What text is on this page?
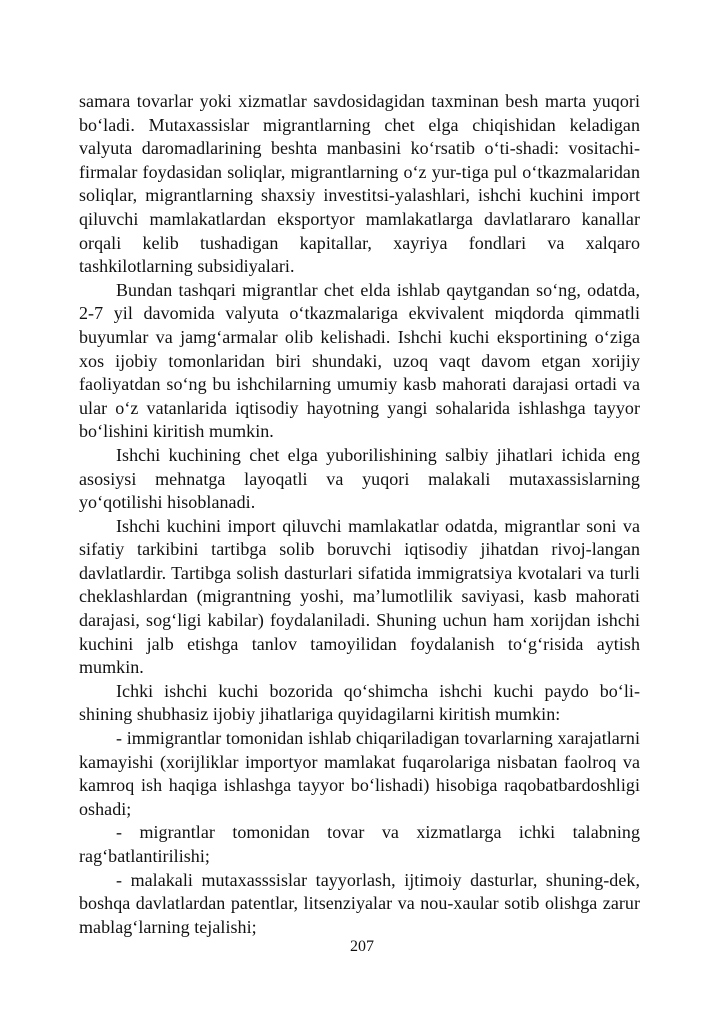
samara tovarlar yoki xizmatlar savdosidagidan taxminan besh marta yuqori bo‘ladi. Mutaxassislar migrantlarning chet elga chiqishidan keladigan valyuta daromadlarining beshta manbasini ko‘rsatib o‘ti-shadi: vositachi-firmalar foydasidan soliqlar, migrantlarning o‘z yur-tiga pul o‘tkazmalaridan soliqlar, migrantlarning shaxsiy investitsi-yalashlari, ishchi kuchini import qiluvchi mamlakatlardan eksportyor mamlakatlarga davlatlararo kanallar orqali kelib tushadigan kapitallar, xayriya fondlari va xalqaro tashkilotlarning subsidiyalari.

Bundan tashqari migrantlar chet elda ishlab qaytgandan so‘ng, odatda, 2-7 yil davomida valyuta o‘tkazmalariga ekvivalent miqdorda qimmatli buyumlar va jamg‘armalar olib kelishadi. Ishchi kuchi eksportining o‘ziga xos ijobiy tomonlaridan biri shundaki, uzoq vaqt davom etgan xorijiy faoliyatdan so‘ng bu ishchilarning umumiy kasb mahorati darajasi ortadi va ular o‘z vatanlarida iqtisodiy hayotning yangi sohalarida ishlashga tayyor bo‘lishini kiritish mumkin.

Ishchi kuchining chet elga yuborilishining salbiy jihatlari ichida eng asosiysi mehnatga layoqatli va yuqori malakali mutaxassislarning yo‘qotilishi hisoblanadi.

Ishchi kuchini import qiluvchi mamlakatlar odatda, migrantlar soni va sifatiy tarkibini tartibga solib boruvchi iqtisodiy jihatdan rivoj-langan davlatlardir. Tartibga solish dasturlari sifatida immigratsiya kvotalari va turli cheklashlardan (migrantning yoshi, ma’lumotlilik saviyasi, kasb mahorati darajasi, sog‘ligi kabilar) foydalaniladi. Shuning uchun ham xorijdan ishchi kuchini jalb etishga tanlov tamoyilidan foydalanish to‘g‘risida aytish mumkin.

Ichki ishchi kuchi bozorida qo‘shimcha ishchi kuchi paydo bo‘li-shining shubhasiz ijobiy jihatlariga quyidagilarni kiritish mumkin:

- immigrantlar tomonidan ishlab chiqariladigan tovarlarning xarajatlarni kamayishi (xorijliklar importyor mamlakat fuqarolariga nisbatan faolroq va kamroq ish haqiga ishlashga tayyor bo‘lishadi) hisobiga raqobatbardoshligi oshadi;

- migrantlar tomonidan tovar va xizmatlarga ichki talabning rag‘batlantirilishi;

- malakali mutaxasssislar tayyorlash, ijtimoiy dasturlar, shuning-dek, boshqa davlatlardan patentlar, litsenziyalar va nou-xaular sotib olishga zarur mablag‘larning tejalishi;

207
